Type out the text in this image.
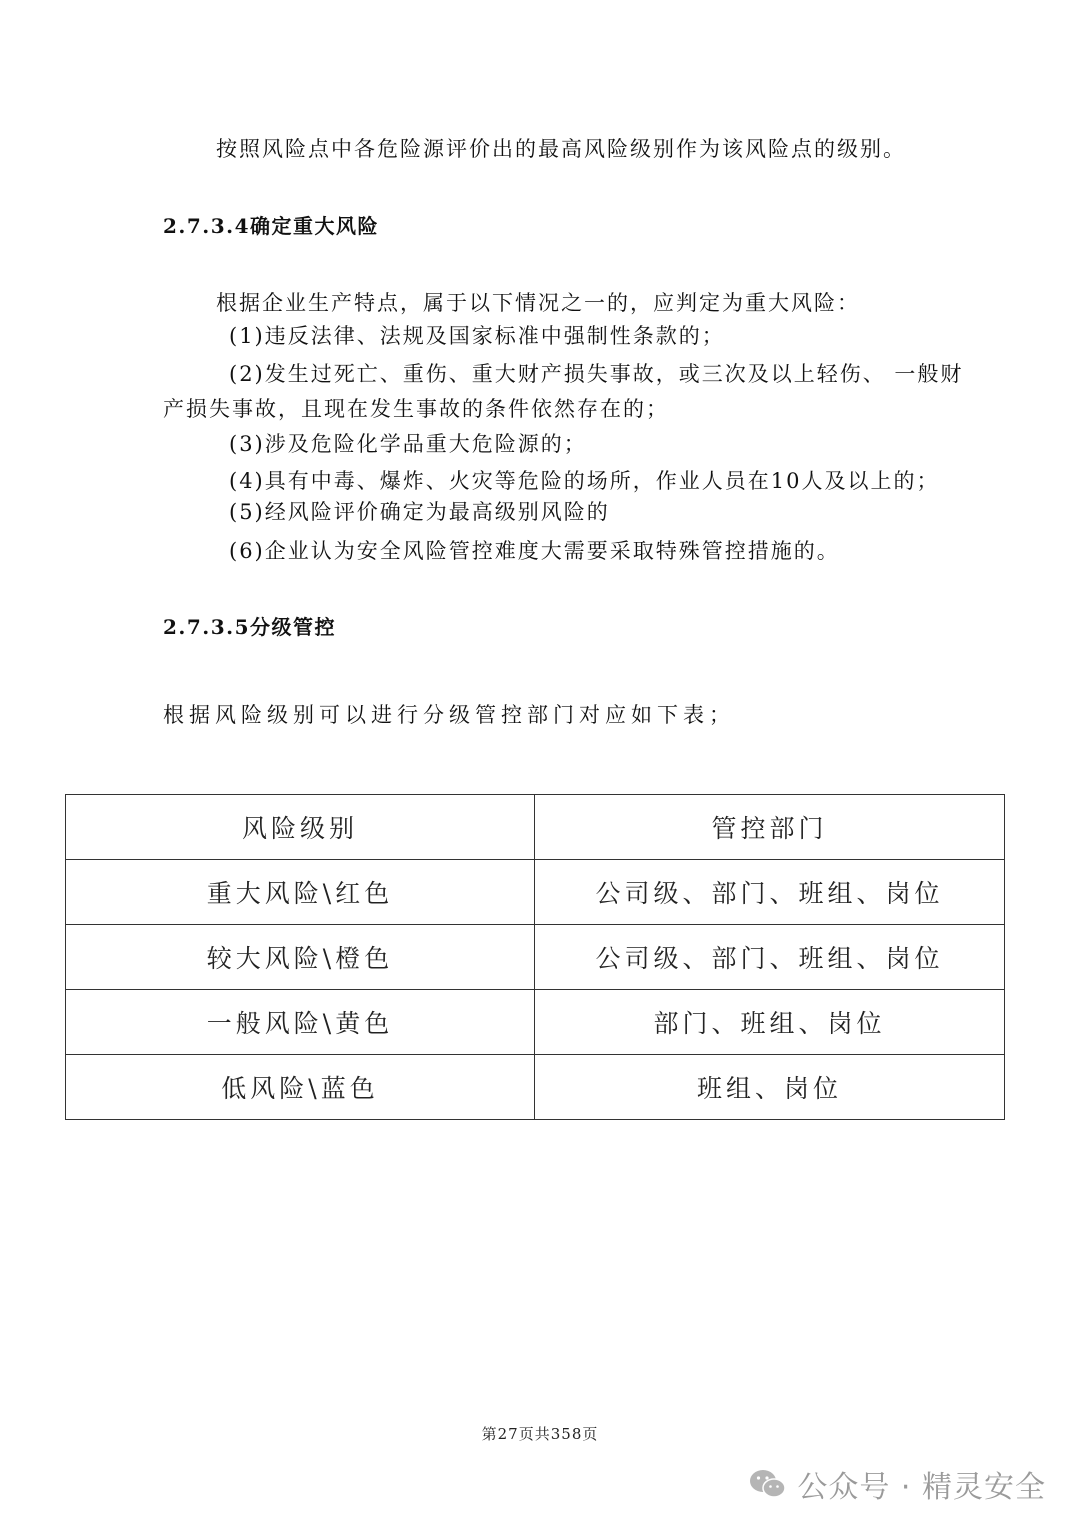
按照风险点中各危险源评价出的最高风险级别作为该风险点的级别。
2.7.3.4确定重大风险
根据企业生产特点，属于以下情况之一的，应判定为重大风险：
(1)违反法律、法规及国家标准中强制性条款的；
(2)发生过死亡、重伤、重大财产损失事故，或三次及以上轻伤、 一般财
产损失事故，且现在发生事故的条件依然存在的；
(3)涉及危险化学品重大危险源的；
(4)具有中毒、爆炸、火灾等危险的场所，作业人员在10人及以上的；
(5)经风险评价确定为最高级别风险的
(6)企业认为安全风险管控难度大需要采取特殊管控措施的。
2.7.3.5分级管控
根据风险级别可以进行分级管控部门对应如下表；
风险级别	管控部门
重大风险\红色	公司级、部门、班组、岗位
较大风险\橙色	公司级、部门、班组、岗位
一般风险\黄色	部门、班组、岗位
低风险\蓝色	班组、岗位
第27页共358页
公众号 · 精灵安全
